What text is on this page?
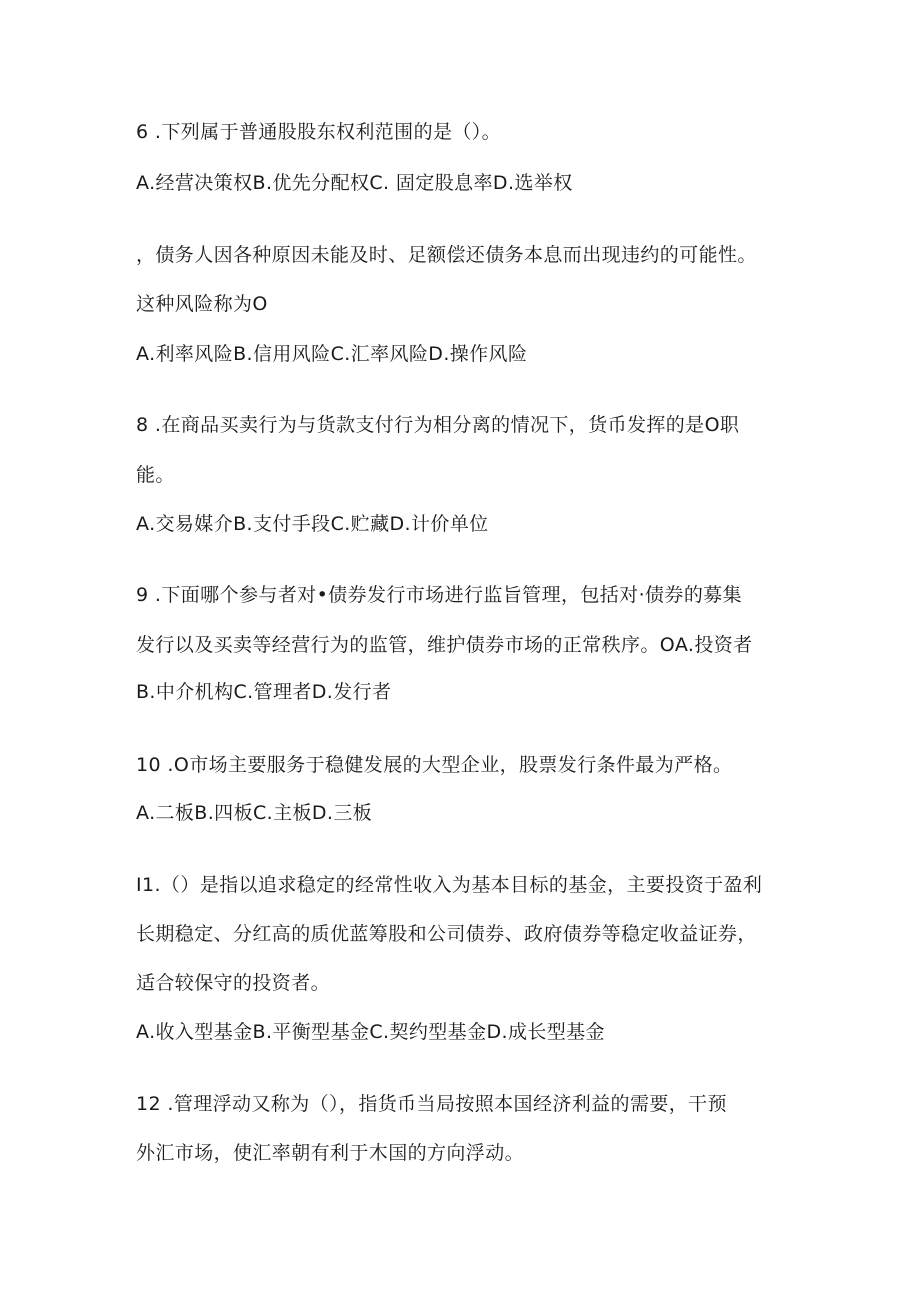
6 .下列属于普通股股东权利范围的是（）。
A.经营决策权B.优先分配权C. 固定股息率D.选举权
，债务人因各种原因未能及时、足额偿还债务本息而出现违约的可能性。
这种风险称为O
A.利率风险B.信用风险C.汇率风险D.操作风险
8 .在商品买卖行为与货款支付行为相分离的情况下，货币发挥的是O职
能。
A.交易媒介B.支付手段C.贮藏D.计价单位
9 .下面哪个参与者对•债券发行市场进行监旨管理，包括对·债券的募集
发行以及买卖等经营行为的监管，维护债券市场的正常秩序。OA.投资者
B.中介机构C.管理者D.发行者
10 .O市场主要服务于稳健发展的大型企业，股票发行条件最为严格。
A.二板B.四板C.主板D.三板
I1.（）是指以追求稳定的经常性收入为基本目标的基金，主要投资于盈利
长期稳定、分红高的质优蓝筹股和公司债券、政府债券等稳定收益证券，
适合较保守的投资者。
A.收入型基金B.平衡型基金C.契约型基金D.成长型基金
12 .管理浮动又称为（），指货币当局按照本国经济利益的需要，干预
外汇市场，使汇率朝有利于木国的方向浮动。
